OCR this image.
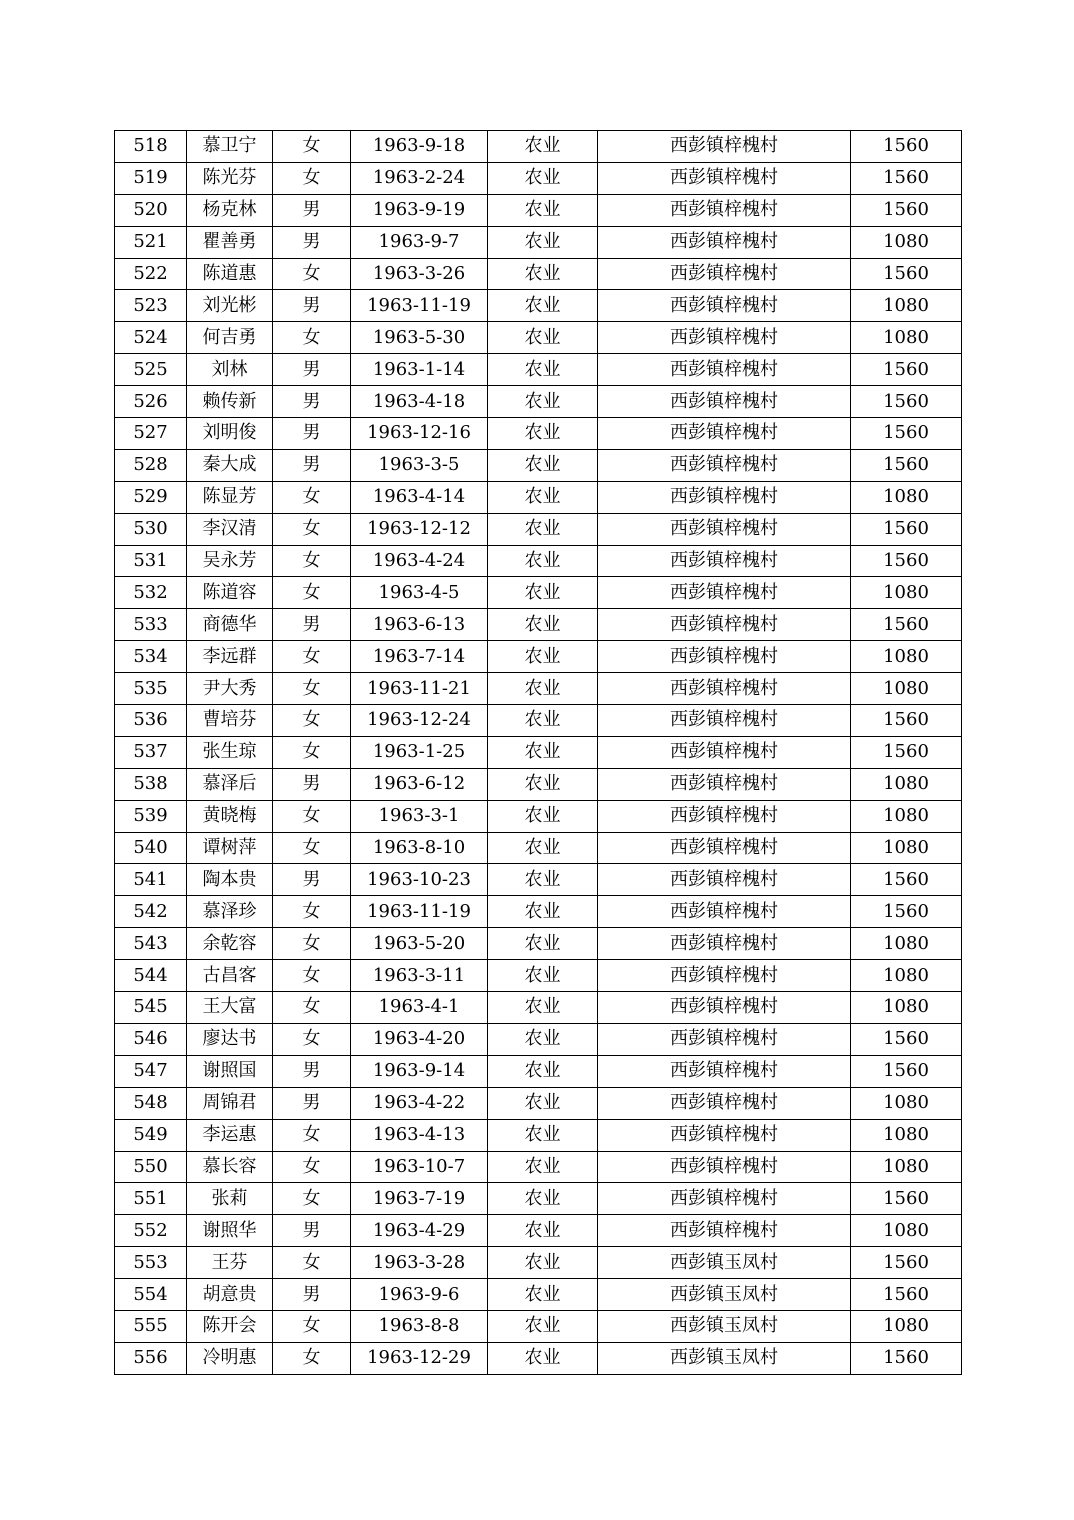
518	慕卫宁	女	1963-9-18	农业	西彭镇梓槐村	1560
519	陈光芬	女	1963-2-24	农业	西彭镇梓槐村	1560
520	杨克林	男	1963-9-19	农业	西彭镇梓槐村	1560
521	瞿善勇	男	1963-9-7	农业	西彭镇梓槐村	1080
522	陈道惠	女	1963-3-26	农业	西彭镇梓槐村	1560
523	刘光彬	男	1963-11-19	农业	西彭镇梓槐村	1080
524	何吉勇	女	1963-5-30	农业	西彭镇梓槐村	1080
525	刘林	男	1963-1-14	农业	西彭镇梓槐村	1560
526	赖传新	男	1963-4-18	农业	西彭镇梓槐村	1560
527	刘明俊	男	1963-12-16	农业	西彭镇梓槐村	1560
528	秦大成	男	1963-3-5	农业	西彭镇梓槐村	1560
529	陈显芳	女	1963-4-14	农业	西彭镇梓槐村	1080
530	李汉清	女	1963-12-12	农业	西彭镇梓槐村	1560
531	吴永芳	女	1963-4-24	农业	西彭镇梓槐村	1560
532	陈道容	女	1963-4-5	农业	西彭镇梓槐村	1080
533	商德华	男	1963-6-13	农业	西彭镇梓槐村	1560
534	李远群	女	1963-7-14	农业	西彭镇梓槐村	1080
535	尹大秀	女	1963-11-21	农业	西彭镇梓槐村	1080
536	曹培芬	女	1963-12-24	农业	西彭镇梓槐村	1560
537	张生琼	女	1963-1-25	农业	西彭镇梓槐村	1560
538	慕泽后	男	1963-6-12	农业	西彭镇梓槐村	1080
539	黄晓梅	女	1963-3-1	农业	西彭镇梓槐村	1080
540	谭树萍	女	1963-8-10	农业	西彭镇梓槐村	1080
541	陶本贵	男	1963-10-23	农业	西彭镇梓槐村	1560
542	慕泽珍	女	1963-11-19	农业	西彭镇梓槐村	1560
543	余乾容	女	1963-5-20	农业	西彭镇梓槐村	1080
544	古昌客	女	1963-3-11	农业	西彭镇梓槐村	1080
545	王大富	女	1963-4-1	农业	西彭镇梓槐村	1080
546	廖达书	女	1963-4-20	农业	西彭镇梓槐村	1560
547	谢照国	男	1963-9-14	农业	西彭镇梓槐村	1560
548	周锦君	男	1963-4-22	农业	西彭镇梓槐村	1080
549	李运惠	女	1963-4-13	农业	西彭镇梓槐村	1080
550	慕长容	女	1963-10-7	农业	西彭镇梓槐村	1080
551	张莉	女	1963-7-19	农业	西彭镇梓槐村	1560
552	谢照华	男	1963-4-29	农业	西彭镇梓槐村	1080
553	王芬	女	1963-3-28	农业	西彭镇玉凤村	1560
554	胡意贵	男	1963-9-6	农业	西彭镇玉凤村	1560
555	陈开会	女	1963-8-8	农业	西彭镇玉凤村	1080
556	冷明惠	女	1963-12-29	农业	西彭镇玉凤村	1560
